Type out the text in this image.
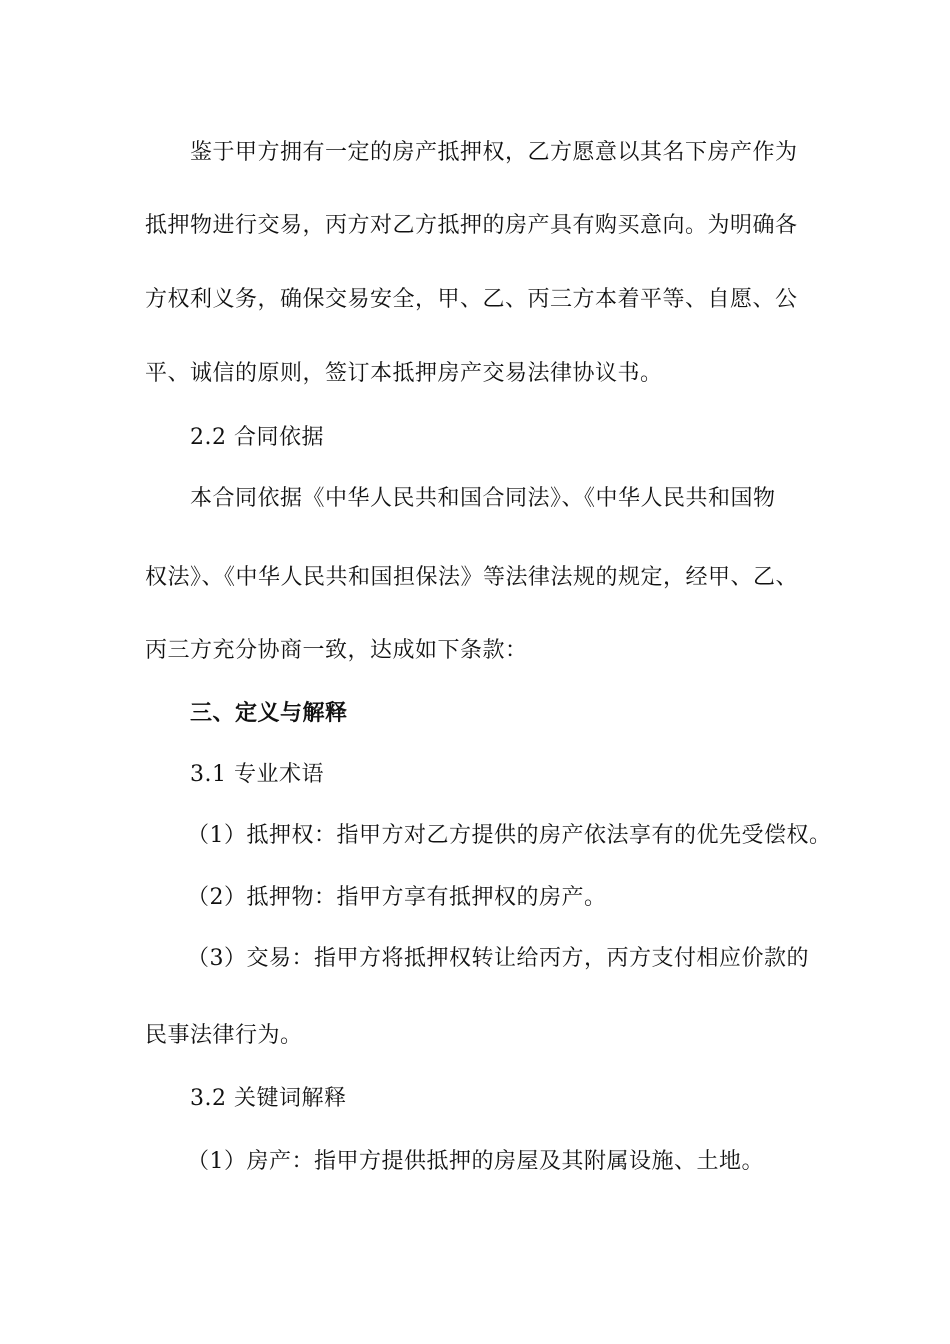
鉴于甲方拥有一定的房产抵押权，乙方愿意以其名下房产作为
抵押物进行交易，丙方对乙方抵押的房产具有购买意向。为明确各
方权利义务，确保交易安全，甲、乙、丙三方本着平等、自愿、公
平、诚信的原则，签订本抵押房产交易法律协议书。
2.2 合同依据
本合同依据《中华人民共和国合同法》、《中华人民共和国物
权法》、《中华人民共和国担保法》等法律法规的规定，经甲、乙、
丙三方充分协商一致，达成如下条款：
三、定义与解释
3.1 专业术语
（1）抵押权：指甲方对乙方提供的房产依法享有的优先受偿权。
（2）抵押物：指甲方享有抵押权的房产。
（3）交易：指甲方将抵押权转让给丙方，丙方支付相应价款的
民事法律行为。
3.2 关键词解释
（1）房产：指甲方提供抵押的房屋及其附属设施、土地。
